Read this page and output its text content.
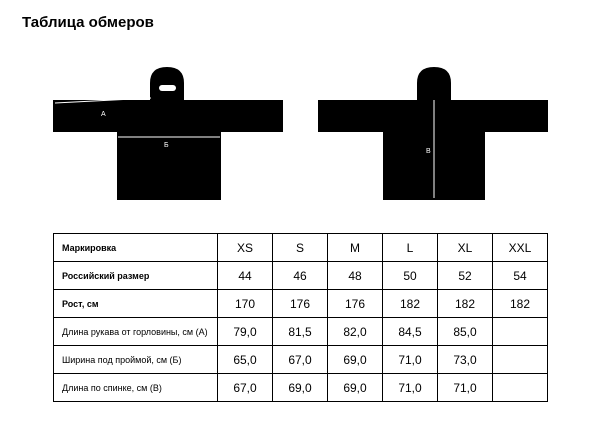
Таблица обмеров
А
Б
В
Маркировка	XS	S	M	L	XL	XXL
Российский размер	44	46	48	50	52	54
Рост, см	170	176	176	182	182	182
Длина рукава от горловины, см (А)	79,0	81,5	82,0	84,5	85,0	
Ширина под проймой, см (Б)	65,0	67,0	69,0	71,0	73,0	
Длина по спинке, см (В)	67,0	69,0	69,0	71,0	71,0	
